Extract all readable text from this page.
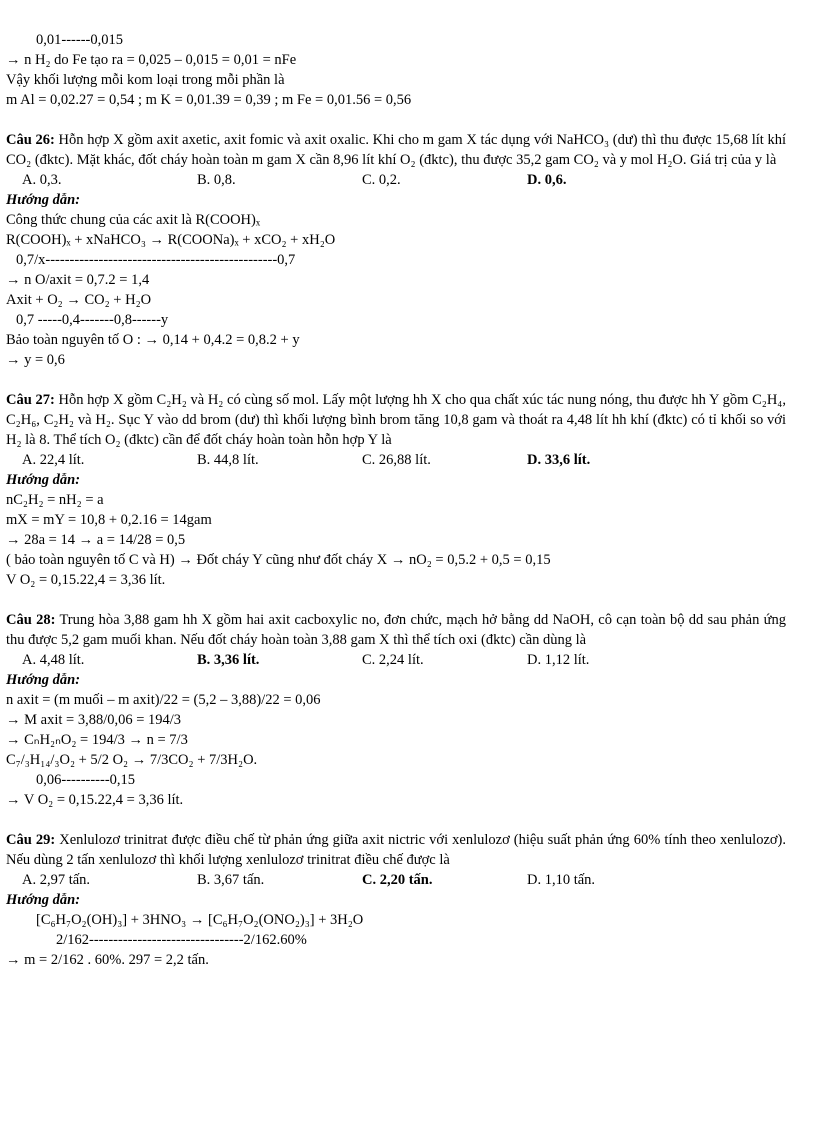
0,01------0,015
→ n H₂ do Fe tạo ra = 0,025 – 0,015 = 0,01 = nFe
Vậy khối lượng mỗi kom loại trong mỗi phần là
m Al = 0,02.27 = 0,54 ; m K = 0,01.39 = 0,39 ; m Fe = 0,01.56 = 0,56
Câu 26: Hỗn hợp X gồm axit axetic, axit fomic và axit oxalic. Khi cho m gam X tác dụng với NaHCO₃ (dư) thì thu được 15,68 lít khí CO₂ (đktc). Mặt khác, đốt cháy hoàn toàn m gam X cần 8,96 lít khí O₂ (đktc), thu được 35,2 gam CO₂ và y mol H₂O. Giá trị của y là
A. 0,3.	B. 0,8.	C. 0,2.	D. 0,6.
Hướng dẫn:
Công thức chung của các axit là R(COOH)ₓ
R(COOH)ₓ + xNaHCO₃ → R(COONa)ₓ + xCO₂ + xH₂O
0,7/x------------------------------------------------0,7
→ n O/axit = 0,7.2 = 1,4
Axit + O₂ → CO₂ + H₂O
0,7 -----0,4-------0,8------y
Bảo toàn nguyên tố O : → 0,14 + 0,4.2 = 0,8.2 + y
→ y = 0,6
Câu 27: Hỗn hợp X gồm C₂H₂ và H₂ có cùng số mol. Lấy một lượng hh X cho qua chất xúc tác nung nóng, thu được hh Y gồm C₂H₄, C₂H₆, C₂H₂ và H₂. Sục Y vào dd brom (dư) thì khối lượng bình brom tăng 10,8 gam và thoát ra 4,48 lít hh khí (đktc) có tỉ khối so với H₂ là 8. Thể tích O₂ (đktc) cần để đốt cháy hoàn toàn hỗn hợp Y là
A. 22,4 lít.	B. 44,8 lít.	C. 26,88 lít.	D. 33,6 lít.
Hướng dẫn:
nC₂H₂ = nH₂ = a
mX = mY = 10,8 + 0,2.16 = 14gam
→ 28a = 14 → a = 14/28 = 0,5
( bảo toàn nguyên tố C và H) → Đốt cháy Y cũng như đốt cháy X → nO₂ = 0,5.2 + 0,5 = 0,15
V O₂ = 0,15.22,4 = 3,36 lít.
Câu 28: Trung hòa 3,88 gam hh X gồm hai axit cacboxylic no, đơn chức, mạch hở bằng dd NaOH, cô cạn toàn bộ dd sau phản ứng thu được 5,2 gam muối khan. Nếu đốt cháy hoàn toàn 3,88 gam X thì thể tích oxi (đktc) cần dùng là
A. 4,48 lít.	B. 3,36 lít.	C. 2,24 lít.	D. 1,12 lít.
Hướng dẫn:
n axit = (m muối – m axit)/22 = (5,2 – 3,88)/22 = 0,06
→ M axit = 3,88/0,06 = 194/3
→ CₙH₂ₙO₂ = 194/3 → n = 7/3
C₇/₃H₁₄/₃O₂ + 5/2 O₂ → 7/3CO₂ + 7/3H₂O.
0,06----------0,15
→ V O₂ = 0,15.22,4 = 3,36 lít.
Câu 29: Xenlulozơ trinitrat được điều chế từ phản ứng giữa axit nictric với xenlulozơ (hiệu suất phản ứng 60% tính theo xenlulozơ). Nếu dùng 2 tấn xenlulozơ thì khối lượng xenlulozơ trinitrat điều chế được là
A. 2,97 tấn.	B. 3,67 tấn.	C. 2,20 tấn.	D. 1,10 tấn.
Hướng dẫn:
[C₆H₇O₂(OH)₃] + 3HNO₃ → [C₆H₇O₂(ONO₂)₃] + 3H₂O
2/162--------------------------------2/162.60%
→ m = 2/162 . 60%. 297 = 2,2 tấn.
